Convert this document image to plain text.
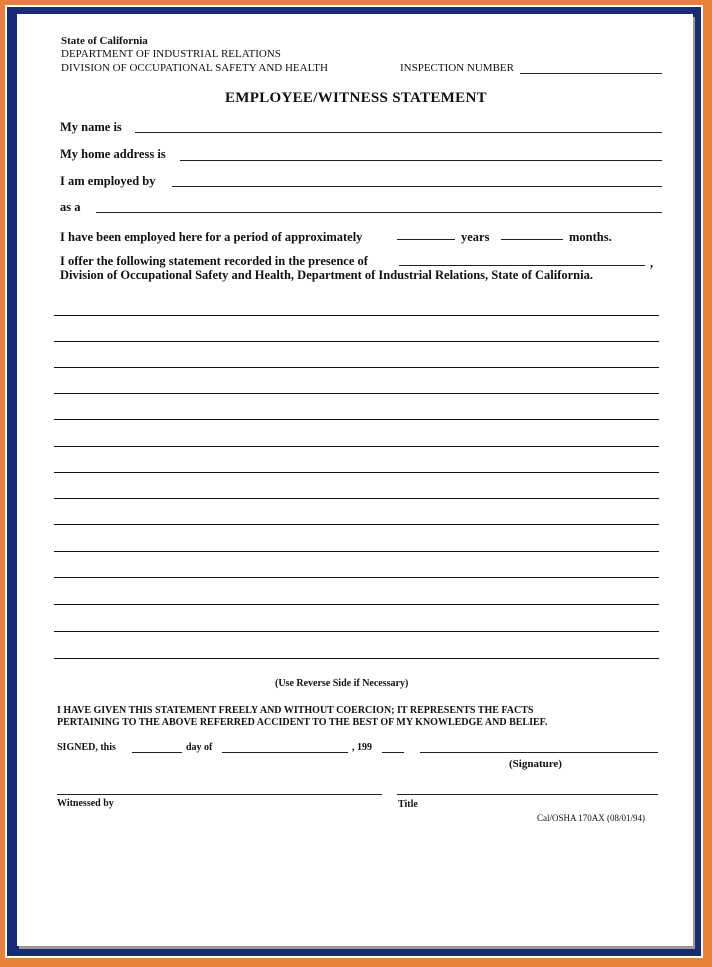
State of California
DEPARTMENT OF INDUSTRIAL RELATIONS
DIVISION OF OCCUPATIONAL SAFETY AND HEALTH	INSPECTION NUMBER
EMPLOYEE/WITNESS STATEMENT
My name is
My home address is
I am employed by
as a
I have been employed here for a period of approximately	years	months.
I offer the following statement recorded in the presence of	,
Division of Occupational Safety and Health, Department of Industrial Relations, State of California.
(Use Reverse Side if Necessary)
I HAVE GIVEN THIS STATEMENT FREELY AND WITHOUT COERCION; IT REPRESENTS THE FACTS
PERTAINING TO THE ABOVE REFERRED ACCIDENT TO THE BEST OF MY KNOWLEDGE AND BELIEF.
SIGNED, this	day of	, 199
(Signature)
Witnessed by	Title
Cal/OSHA 170AX (08/01/94)
